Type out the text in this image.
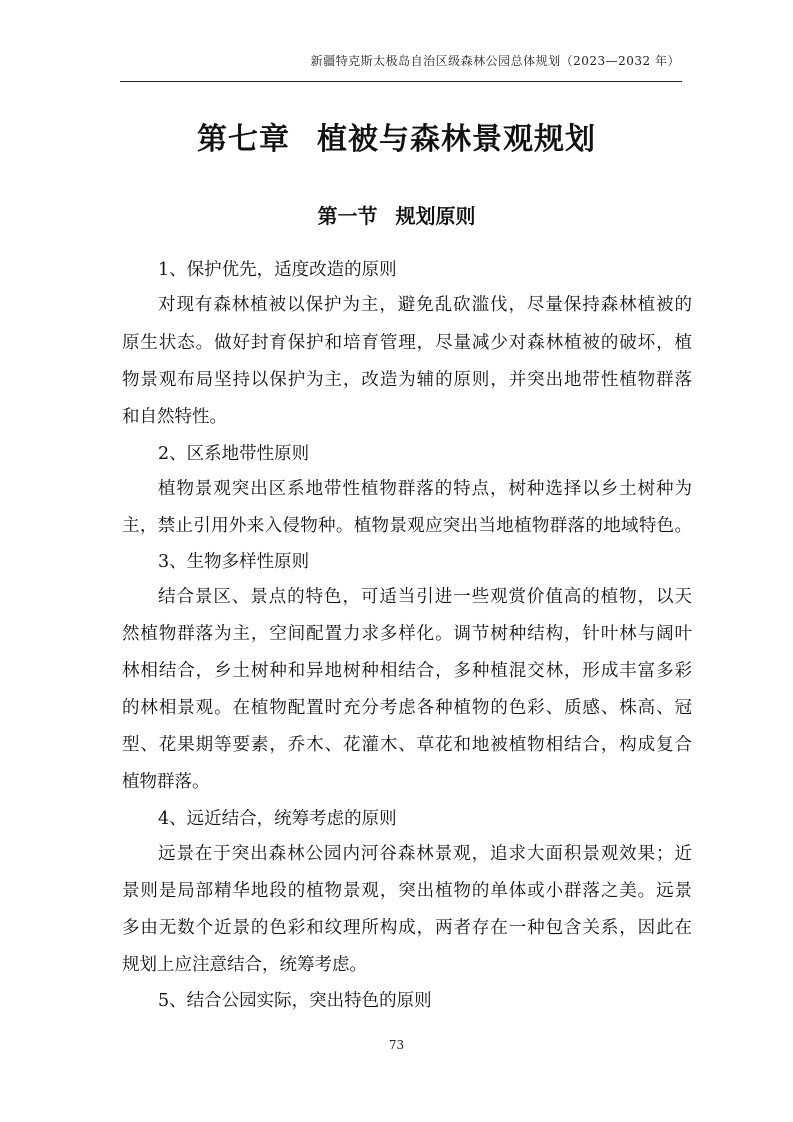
新疆特克斯太极岛自治区级森林公园总体规划（2023—2032 年）
第七章 植被与森林景观规划
第一节 规划原则
1、保护优先，适度改造的原则
对现有森林植被以保护为主，避免乱砍滥伐，尽量保持森林植被的
原生状态。做好封育保护和培育管理，尽量减少对森林植被的破坏，植
物景观布局坚持以保护为主，改造为辅的原则，并突出地带性植物群落
和自然特性。
2、区系地带性原则
植物景观突出区系地带性植物群落的特点，树种选择以乡土树种为
主，禁止引用外来入侵物种。植物景观应突出当地植物群落的地域特色。
3、生物多样性原则
结合景区、景点的特色，可适当引进一些观赏价值高的植物，以天
然植物群落为主，空间配置力求多样化。调节树种结构，针叶林与阔叶
林相结合，乡土树种和异地树种相结合，多种植混交林，形成丰富多彩
的林相景观。在植物配置时充分考虑各种植物的色彩、质感、株高、冠
型、花果期等要素，乔木、花灌木、草花和地被植物相结合，构成复合
植物群落。
4、远近结合，统筹考虑的原则
远景在于突出森林公园内河谷森林景观，追求大面积景观效果；近
景则是局部精华地段的植物景观，突出植物的单体或小群落之美。远景
多由无数个近景的色彩和纹理所构成，两者存在一种包含关系，因此在
规划上应注意结合，统筹考虑。
5、结合公园实际，突出特色的原则
73
